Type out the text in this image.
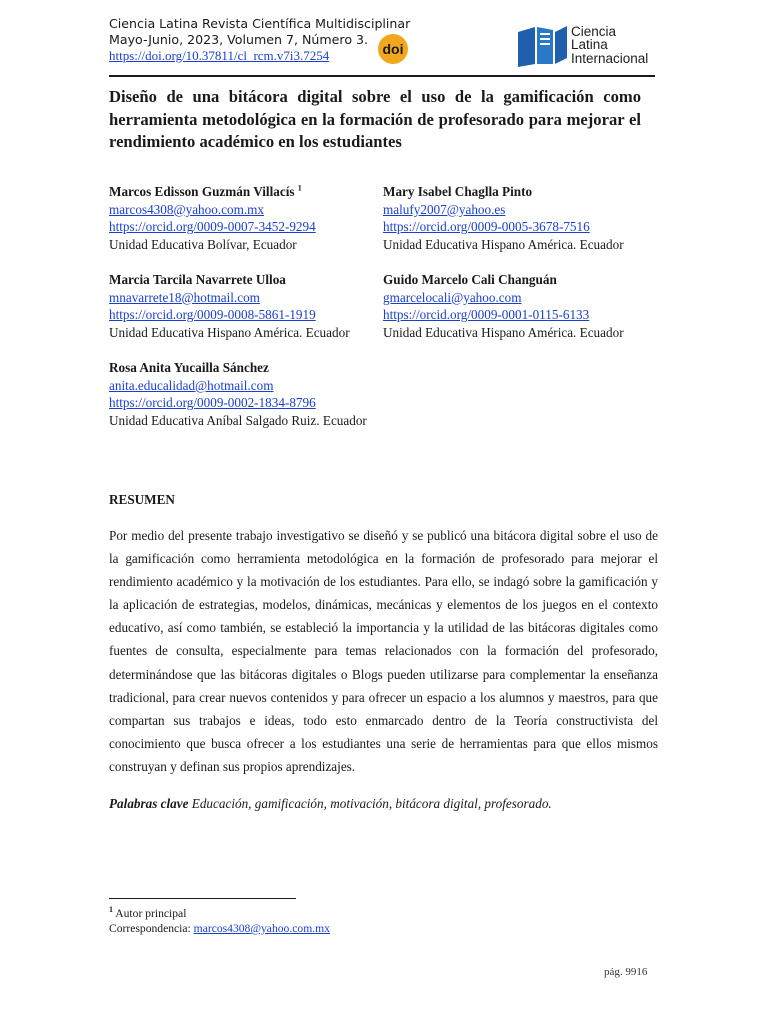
Ciencia Latina Revista Científica Multidisciplinar
Mayo-Junio, 2023, Volumen 7, Número 3.
https://doi.org/10.37811/cl_rcm.v7i3.7254	doi
Ciencia
Latina
Internacional
Diseño de una bitácora digital sobre el uso de la gamificación como herramienta metodológica en la formación de profesorado para mejorar el rendimiento académico en los estudiantes
Marcos Edisson Guzmán Villacís $^1$
marcos4308@yahoo.com.mx
https://orcid.org/0009-0007-3452-9294
Unidad Educativa Bolívar, Ecuador
Mary Isabel Chaglla Pinto
malufy2007@yahoo.es
https://orcid.org/0009-0005-3678-7516
Unidad Educativa Hispano América. Ecuador
Marcia Tarcila Navarrete Ulloa
mnavarrete18@hotmail.com
https://orcid.org/0009-0008-5861-1919
Unidad Educativa Hispano América. Ecuador
Guido Marcelo Cali Changuán
gmarcelocali@yahoo.com
https://orcid.org/0009-0001-0115-6133
Unidad Educativa Hispano América. Ecuador
Rosa Anita Yucailla Sánchez
anita.educalidad@hotmail.com
https://orcid.org/0009-0002-1834-8796
Unidad Educativa Aníbal Salgado Ruiz. Ecuador
RESUMEN

Por medio del presente trabajo investigativo se diseñó y se publicó una bitácora digital sobre el uso de la gamificación como herramienta metodológica en la formación de profesorado para mejorar el rendimiento académico y la motivación de los estudiantes. Para ello, se indagó sobre la gamificación y la aplicación de estrategias, modelos, dinámicas, mecánicas y elementos de los juegos en el contexto educativo, así como también, se estableció la importancia y la utilidad de las bitácoras digitales como fuentes de consulta, especialmente para temas relacionados con la formación del profesorado, determinándose que las bitácoras digitales o Blogs pueden utilizarse para complementar la enseñanza tradicional, para crear nuevos contenidos y para ofrecer un espacio a los alumnos y maestros, para que compartan sus trabajos e ideas, todo esto enmarcado dentro de la Teoría constructivista del conocimiento que busca ofrecer a los estudiantes una serie de herramientas para que ellos mismos construyan y definan sus propios aprendizajes.

Palabras clave Educación, gamificación, motivación, bitácora digital, profesorado.

$^1$ Autor principal
Correspondencia: marcos4308@yahoo.com.mx
pág. 9916
